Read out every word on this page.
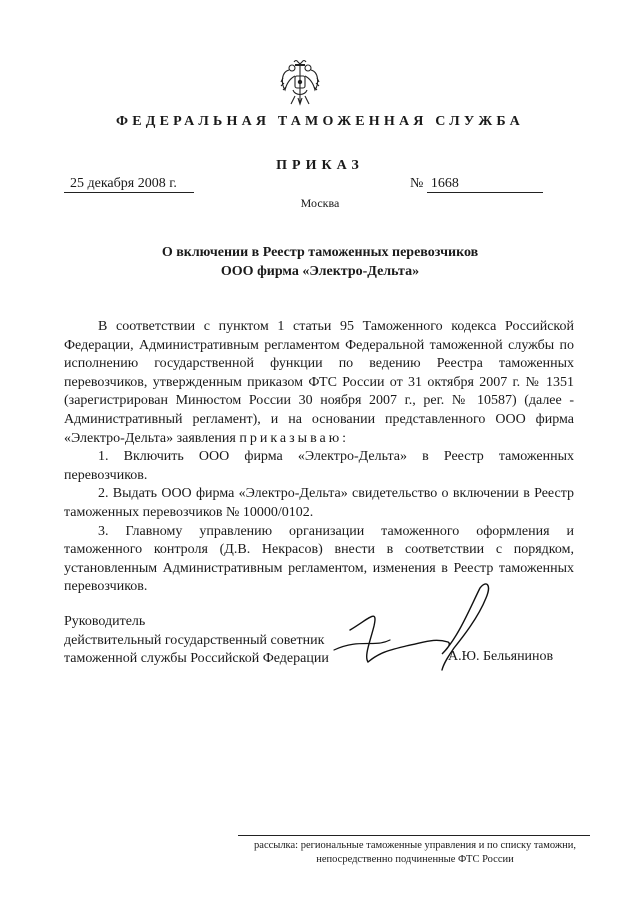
ФЕДЕРАЛЬНАЯ ТАМОЖЕННАЯ СЛУЖБА
ПРИКАЗ
25 декабря 2008 г.	№ 1668
Москва
О включении в Реестр таможенных перевозчиков
ООО фирма «Электро-Дельта»

В соответствии с пунктом 1 статьи 95 Таможенного кодекса Российской Федерации, Административным регламентом Федеральной таможенной службы по исполнению государственной функции по ведению Реестра таможенных перевозчиков, утвержденным приказом ФТС России от 31 октября 2007 г. № 1351 (зарегистрирован Минюстом России 30 ноября 2007 г., рег. № 10587) (далее - Административный регламент), и на основании представленного ООО фирма «Электро-Дельта» заявления приказываю:

1. Включить ООО фирма «Электро-Дельта» в Реестр таможенных перевозчиков.

2. Выдать ООО фирма «Электро-Дельта» свидетельство о включении в Реестр таможенных перевозчиков № 10000/0102.

3. Главному управлению организации таможенного оформления и таможенного контроля (Д.В. Некрасов) внести в соответствии с порядком, установленным Административным регламентом, изменения в Реестр таможенных перевозчиков.

Руководитель
действительный государственный советник
таможенной службы Российской Федерации	А.Ю. Бельянинов
рассылка: региональные таможенные управления и по списку таможни,
непосредственно подчиненные ФТС России
